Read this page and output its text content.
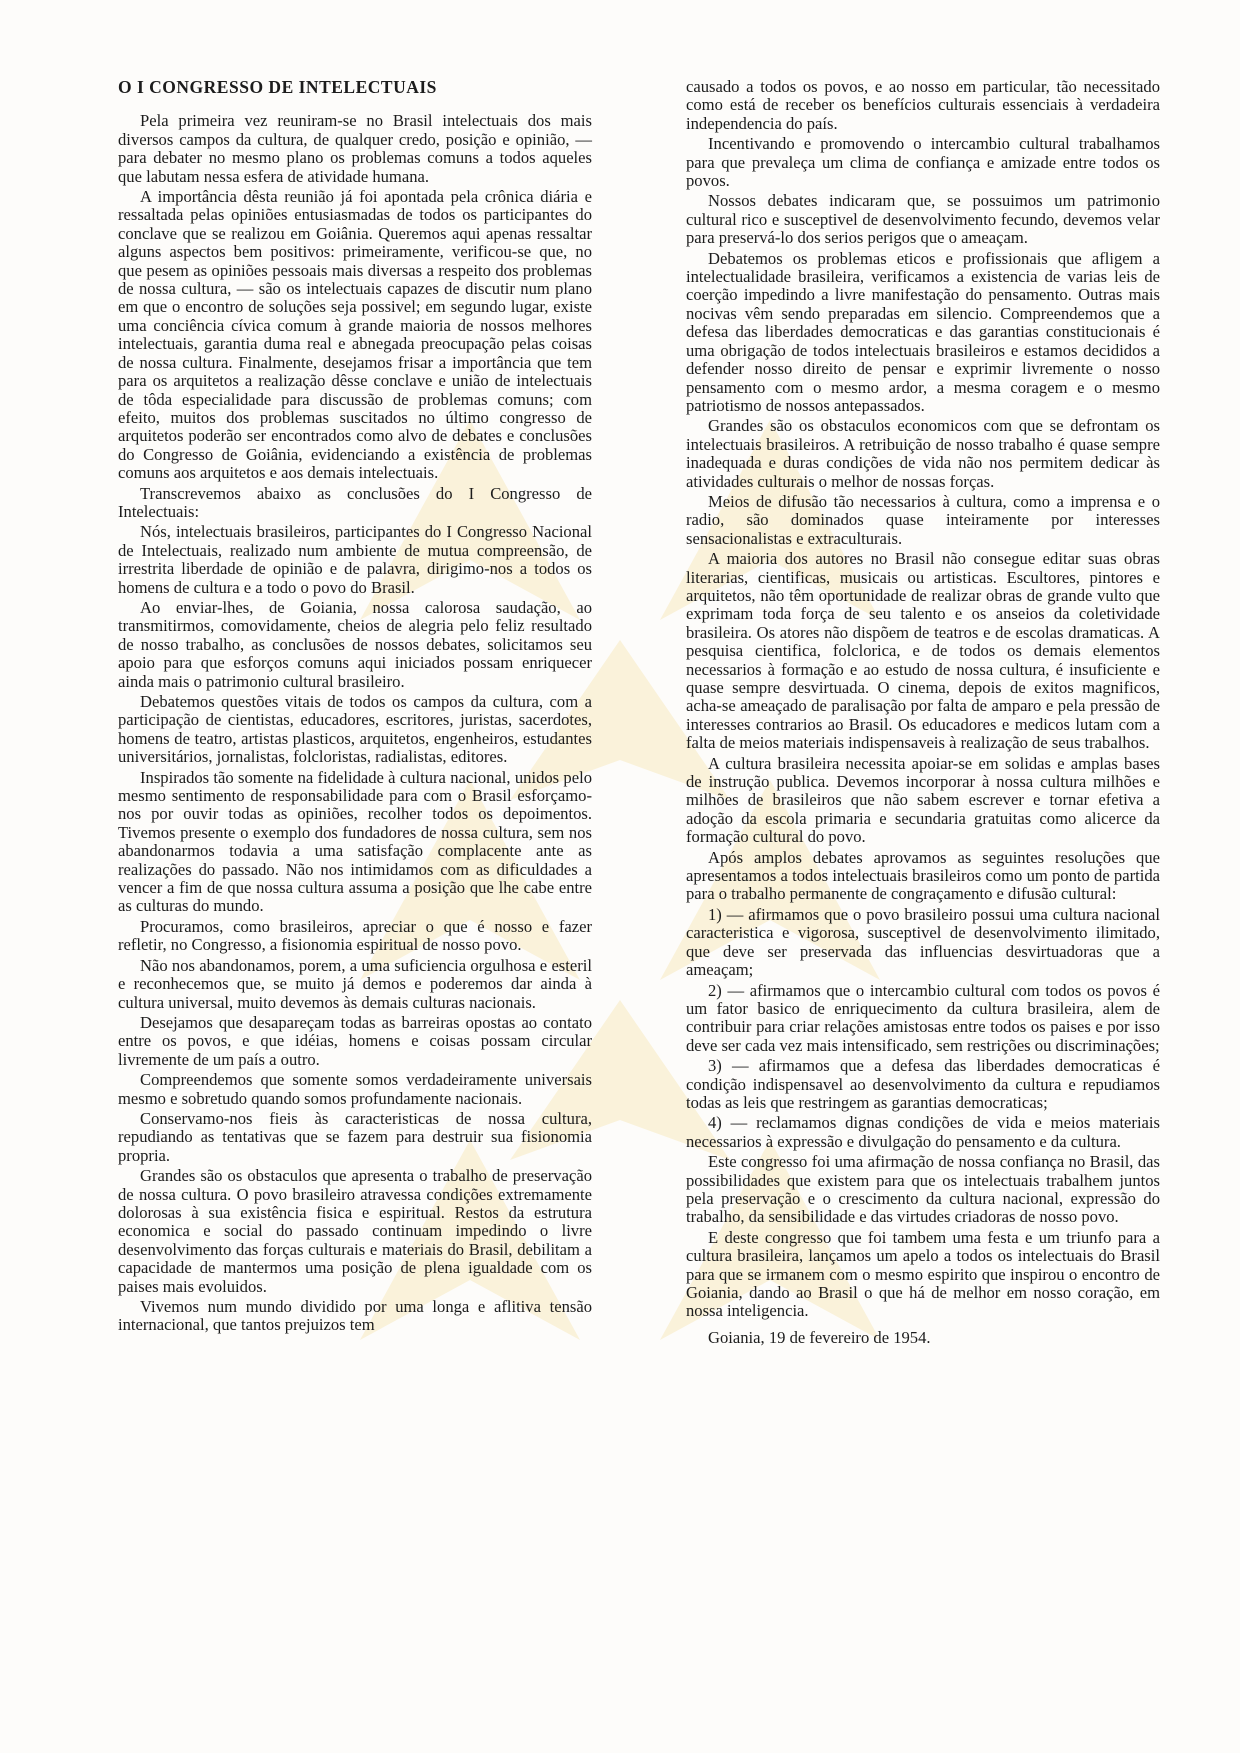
O I CONGRESSO DE INTELECTUAIS

Pela primeira vez reuniram-se no Brasil intelectuais dos mais diversos campos da cultura, de qualquer credo, posição e opinião, — para debater no mesmo plano os problemas comuns a todos aqueles que labutam nessa esfera de atividade humana.

A importância dêsta reunião já foi apontada pela crônica diária e ressaltada pelas opiniões entusiasmadas de todos os participantes do conclave que se realizou em Goiânia. Queremos aqui apenas ressaltar alguns aspectos bem positivos: primeiramente, verificou-se que, no que pesem as opiniões pessoais mais diversas a respeito dos problemas de nossa cultura, — são os intelectuais capazes de discutir num plano em que o encontro de soluções seja possivel; em segundo lugar, existe uma conciência cívica comum à grande maioria de nossos melhores intelectuais, garantia duma real e abnegada preocupação pelas coisas de nossa cultura. Finalmente, desejamos frisar a importância que tem para os arquitetos a realização dêsse conclave e união de intelectuais de tôda especialidade para discussão de problemas comuns; com efeito, muitos dos problemas suscitados no último congresso de arquitetos poderão ser encontrados como alvo de debates e conclusões do Congresso de Goiânia, evidenciando a existência de problemas comuns aos arquitetos e aos demais intelectuais.

Transcrevemos abaixo as conclusões do I Congresso de Intelectuais:

Nós, intelectuais brasileiros, participantes do I Congresso Nacional de Intelectuais, realizado num ambiente de mutua compreensão, de irrestrita liberdade de opinião e de palavra, dirigimo-nos a todos os homens de cultura e a todo o povo do Brasil.

Ao enviar-lhes, de Goiania, nossa calorosa saudação, ao transmitirmos, comovidamente, cheios de alegria pelo feliz resultado de nosso trabalho, as conclusões de nossos debates, solicitamos seu apoio para que esforços comuns aqui iniciados possam enriquecer ainda mais o patrimonio cultural brasileiro.

Debatemos questões vitais de todos os campos da cultura, com a participação de cientistas, educadores, escritores, juristas, sacerdotes, homens de teatro, artistas plasticos, arquitetos, engenheiros, estudantes universitários, jornalistas, folcloristas, radialistas, editores.

Inspirados tão somente na fidelidade à cultura nacional, unidos pelo mesmo sentimento de responsabilidade para com o Brasil esforçamo-nos por ouvir todas as opiniões, recolher todos os depoimentos. Tivemos presente o exemplo dos fundadores de nossa cultura, sem nos abandonarmos todavia a uma satisfação complacente ante as realizações do passado. Não nos intimidamos com as dificuldades a vencer a fim de que nossa cultura assuma a posição que lhe cabe entre as culturas do mundo.

Procuramos, como brasileiros, apreciar o que é nosso e fazer refletir, no Congresso, a fisionomia espiritual de nosso povo.

Não nos abandonamos, porem, a uma suficiencia orgulhosa e esteril e reconhecemos que, se muito já demos e poderemos dar ainda à cultura universal, muito devemos às demais culturas nacionais.

Desejamos que desapareçam todas as barreiras opostas ao contato entre os povos, e que idéias, homens e coisas possam circular livremente de um país a outro.

Compreendemos que somente somos verdadeiramente universais mesmo e sobretudo quando somos profundamente nacionais.

Conservamo-nos fieis às caracteristicas de nossa cultura, repudiando as tentativas que se fazem para destruir sua fisionomia propria.

Grandes são os obstaculos que apresenta o trabalho de preservação de nossa cultura. O povo brasileiro atravessa condições extremamente dolorosas à sua existência fisica e espiritual. Restos da estrutura economica e social do passado continuam impedindo o livre desenvolvimento das forças culturais e materiais do Brasil, debilitam a capacidade de mantermos uma posição de plena igualdade com os paises mais evoluidos.

Vivemos num mundo dividido por uma longa e aflitiva tensão internacional, que tantos prejuizos tem

causado a todos os povos, e ao nosso em particular, tão necessitado como está de receber os benefícios culturais essenciais à verdadeira independencia do país.

Incentivando e promovendo o intercambio cultural trabalhamos para que prevaleça um clima de confiança e amizade entre todos os povos.

Nossos debates indicaram que, se possuimos um patrimonio cultural rico e susceptivel de desenvolvimento fecundo, devemos velar para preservá-lo dos serios perigos que o ameaçam.

Debatemos os problemas eticos e profissionais que afligem a intelectualidade brasileira, verificamos a existencia de varias leis de coerção impedindo a livre manifestação do pensamento. Outras mais nocivas vêm sendo preparadas em silencio. Compreendemos que a defesa das liberdades democraticas e das garantias constitucionais é uma obrigação de todos intelectuais brasileiros e estamos decididos a defender nosso direito de pensar e exprimir livremente o nosso pensamento com o mesmo ardor, a mesma coragem e o mesmo patriotismo de nossos antepassados.

Grandes são os obstaculos economicos com que se defrontam os intelectuais brasileiros. A retribuição de nosso trabalho é quase sempre inadequada e duras condições de vida não nos permitem dedicar às atividades culturais o melhor de nossas forças.

Meios de difusão tão necessarios à cultura, como a imprensa e o radio, são dominados quase inteiramente por interesses sensacionalistas e extraculturais.

A maioria dos autores no Brasil não consegue editar suas obras literarias, cientificas, musicais ou artisticas. Escultores, pintores e arquitetos, não têm oportunidade de realizar obras de grande vulto que exprimam toda força de seu talento e os anseios da coletividade brasileira. Os atores não dispõem de teatros e de escolas dramaticas. A pesquisa cientifica, folclorica, e de todos os demais elementos necessarios à formação e ao estudo de nossa cultura, é insuficiente e quase sempre desvirtuada. O cinema, depois de exitos magnificos, acha-se ameaçado de paralisação por falta de amparo e pela pressão de interesses contrarios ao Brasil. Os educadores e medicos lutam com a falta de meios materiais indispensaveis à realização de seus trabalhos.

A cultura brasileira necessita apoiar-se em solidas e amplas bases de instrução publica. Devemos incorporar à nossa cultura milhões e milhões de brasileiros que não sabem escrever e tornar efetiva a adoção da escola primaria e secundaria gratuitas como alicerce da formação cultural do povo.

Após amplos debates aprovamos as seguintes resoluções que apresentamos a todos intelectuais brasileiros como um ponto de partida para o trabalho permanente de congraçamento e difusão cultural:

1) — afirmamos que o povo brasileiro possui uma cultura nacional caracteristica e vigorosa, susceptivel de desenvolvimento ilimitado, que deve ser preservada das influencias desvirtuadoras que a ameaçam;

2) — afirmamos que o intercambio cultural com todos os povos é um fator basico de enriquecimento da cultura brasileira, alem de contribuir para criar relações amistosas entre todos os paises e por isso deve ser cada vez mais intensificado, sem restrições ou discriminações;

3) — afirmamos que a defesa das liberdades democraticas é condição indispensavel ao desenvolvimento da cultura e repudiamos todas as leis que restringem as garantias democraticas;

4) — reclamamos dignas condições de vida e meios materiais necessarios à expressão e divulgação do pensamento e da cultura.

Este congresso foi uma afirmação de nossa confiança no Brasil, das possibilidades que existem para que os intelectuais trabalhem juntos pela preservação e o crescimento da cultura nacional, expressão do trabalho, da sensibilidade e das virtudes criadoras de nosso povo.

E deste congresso que foi tambem uma festa e um triunfo para a cultura brasileira, lançamos um apelo a todos os intelectuais do Brasil para que se irmanem com o mesmo espirito que inspirou o encontro de Goiania, dando ao Brasil o que há de melhor em nosso coração, em nossa inteligencia.

Goiania, 19 de fevereiro de 1954.
